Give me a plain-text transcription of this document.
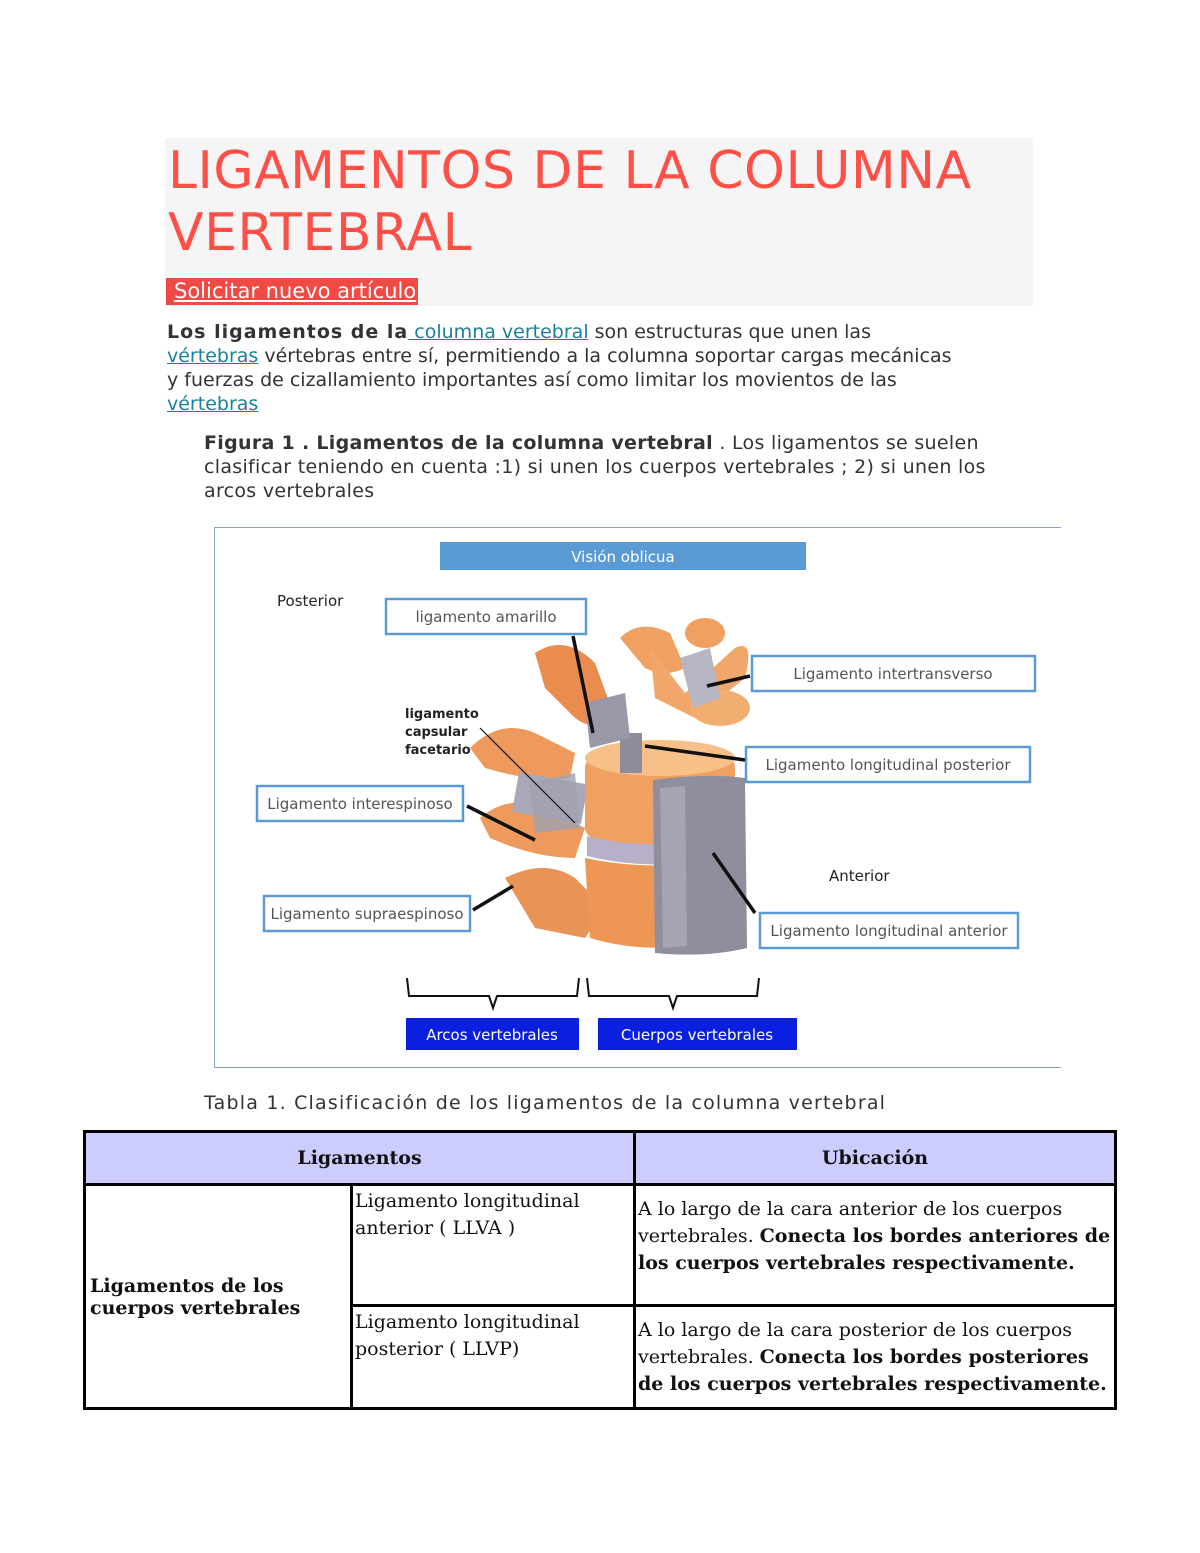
LIGAMENTOS DE LA COLUMNA VERTEBRAL
Solicitar nuevo artículo
Los ligamentos de la columna vertebral son estructuras que unen las vértebras vértebras entre sí, permitiendo a la columna soportar cargas mecánicas y fuerzas de cizallamiento importantes así como limitar los movientos de las vértebras
Figura 1 . Ligamentos de la columna vertebral . Los ligamentos se suelen clasificar teniendo en cuenta :1) si unen los cuerpos vertebrales ; 2) si unen los arcos vertebrales
Visión oblicua
Posterior
Anterior
ligamento amarillo
Ligamento intertransverso
Ligamento longitudinal posterior
Ligamento interespinoso
Ligamento supraespinoso
Ligamento longitudinal anterior
ligamento
capsular
facetario
Arcos vertebrales	Cuerpos vertebrales
Tabla 1. Clasificación de los ligamentos de la columna vertebral
Ligamentos		Ubicación
Ligamentos de los cuerpos vertebrales	Ligamento longitudinal anterior ( LLVA )	A lo largo de la cara anterior de los cuerpos vertebrales. Conecta los bordes anteriores de los cuerpos vertebrales respectivamente.
	Ligamento longitudinal posterior ( LLVP)	A lo largo de la cara posterior de los cuerpos vertebrales. Conecta los bordes posteriores de los cuerpos vertebrales respectivamente.
